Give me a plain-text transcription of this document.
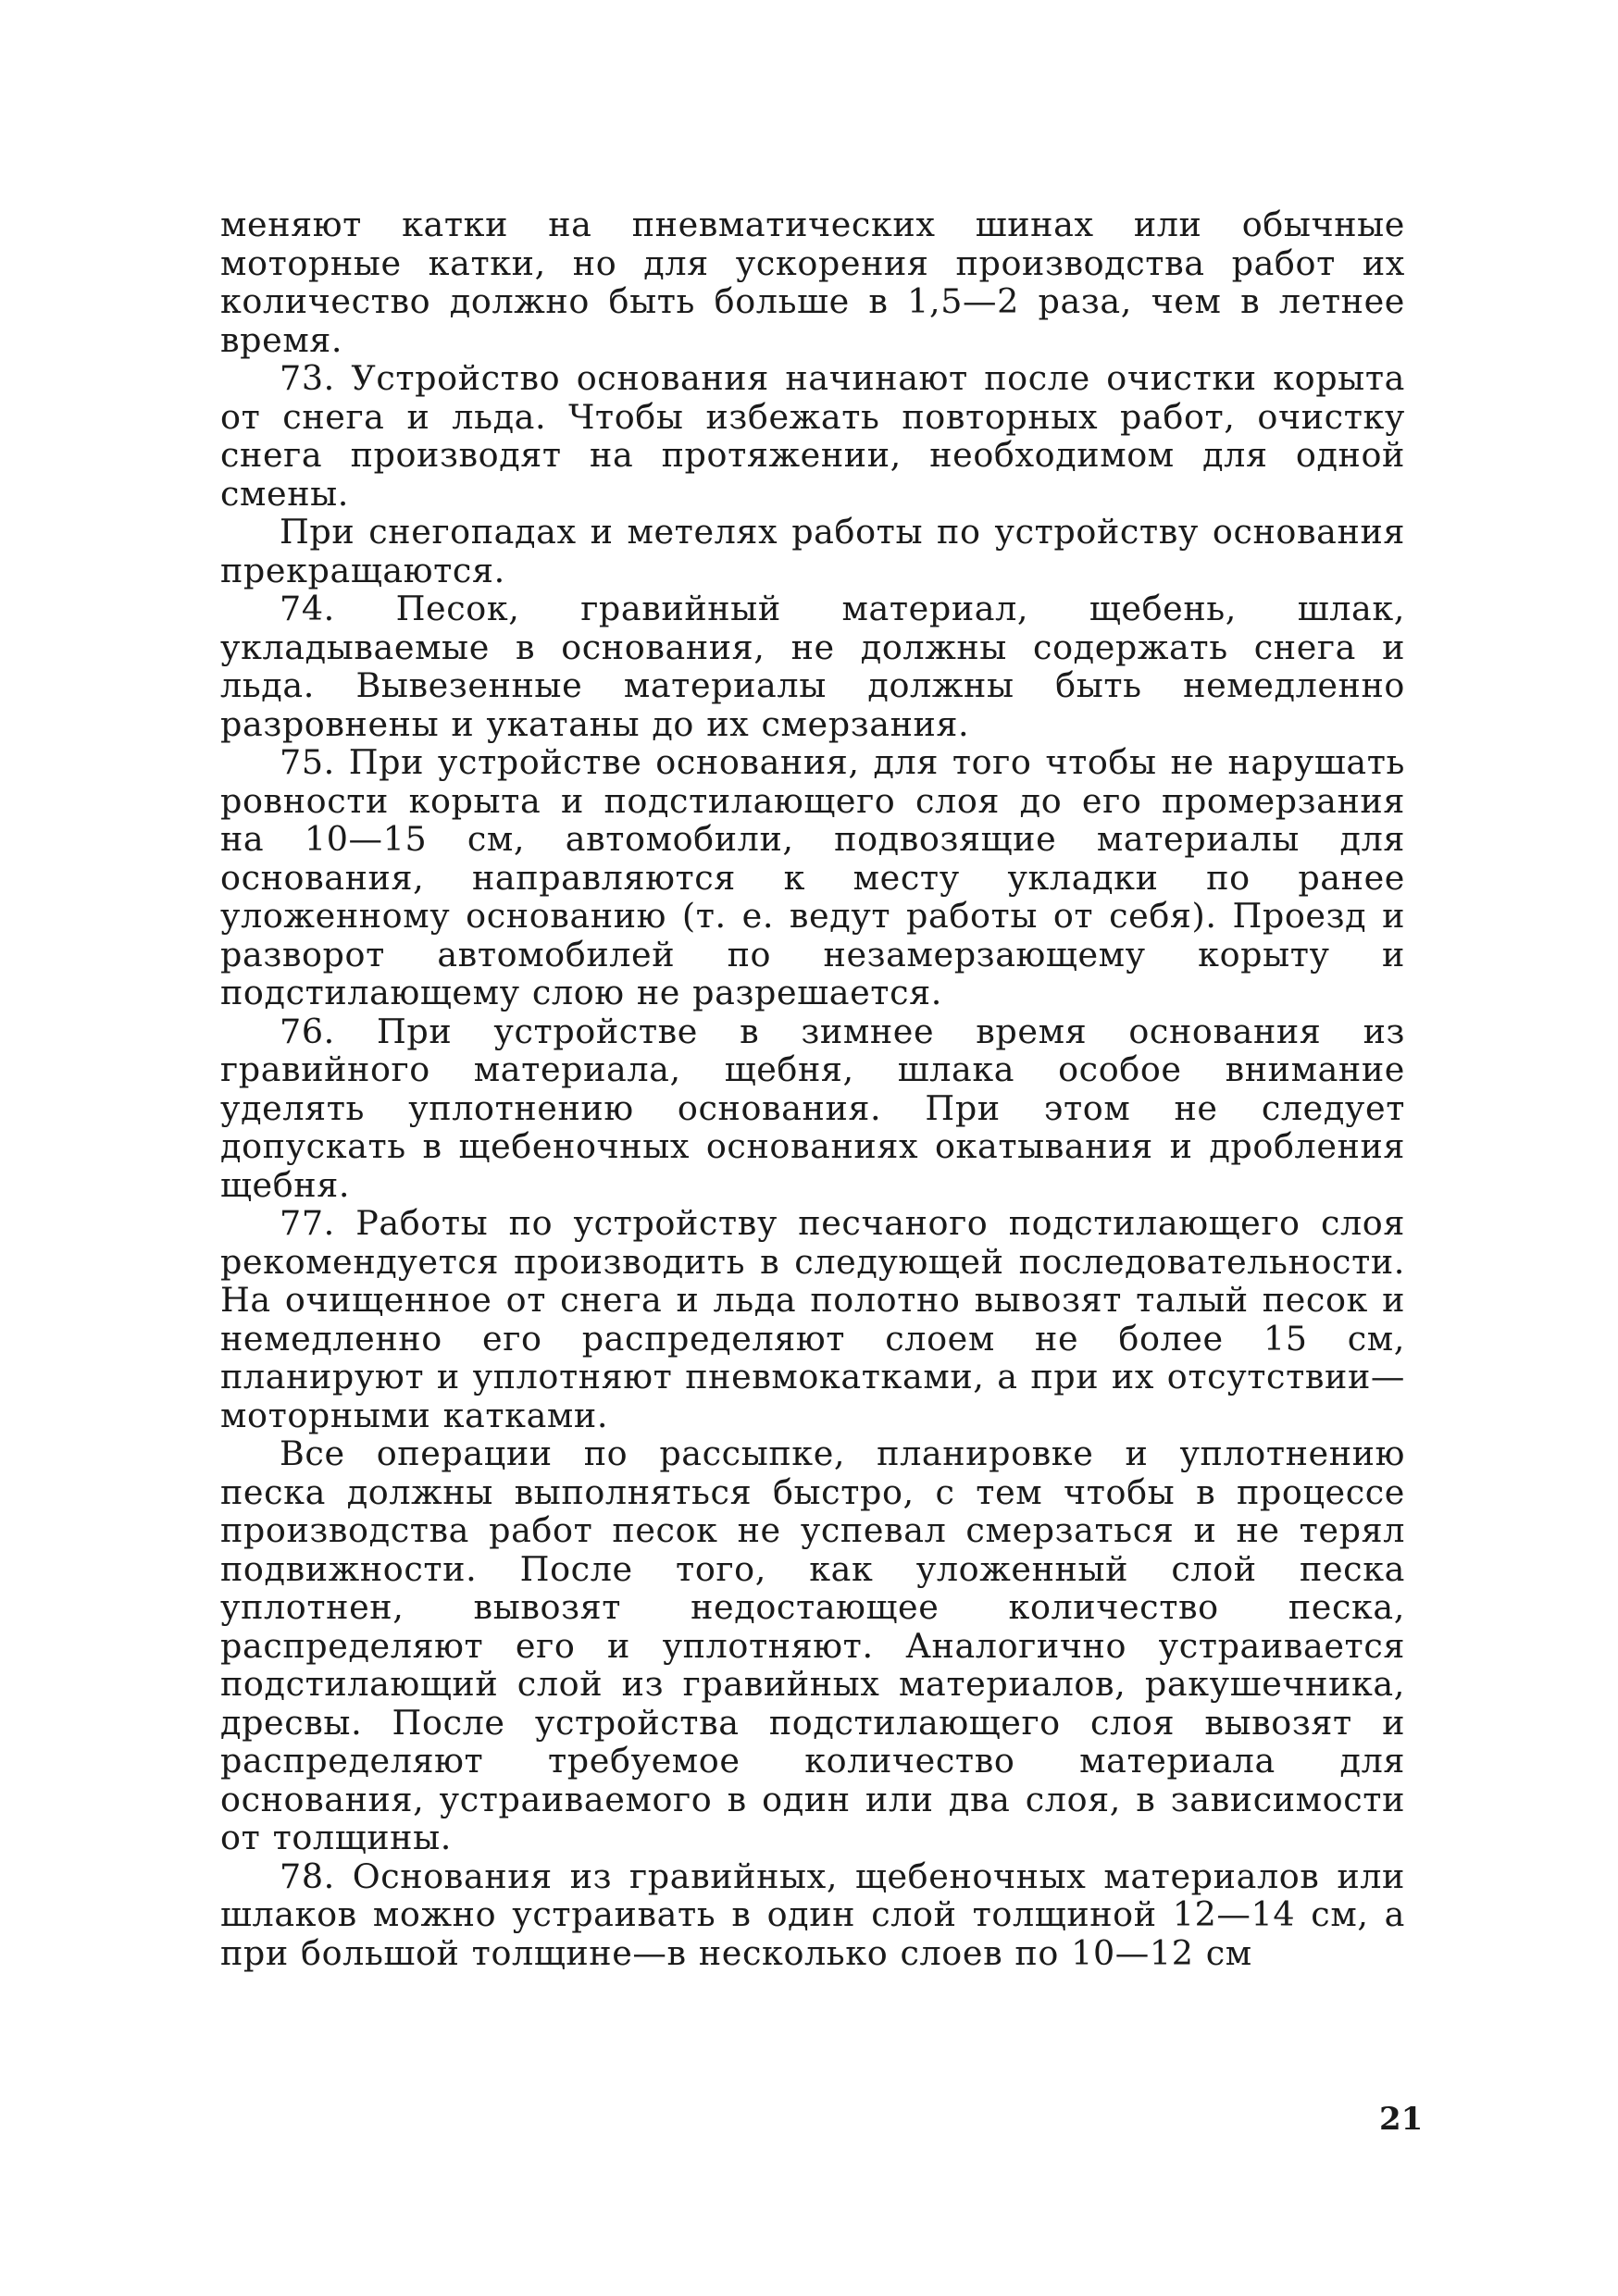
меняют катки на пневматических шинах или обычные моторные катки, но для ускорения производства работ их количество должно быть больше в 1,5—2 раза, чем в летнее время.

73. Устройство основания начинают после очистки корыта от снега и льда. Чтобы избежать повторных работ, очистку снега производят на протяжении, необходимом для одной смены.

При снегопадах и метелях работы по устройству основания прекращаются.

74. Песок, гравийный материал, щебень, шлак, укладываемые в основания, не должны содержать снега и льда. Вывезенные материалы должны быть немедленно разровнены и укатаны до их смерзания.

75. При устройстве основания, для того чтобы не нарушать ровности корыта и подстилающего слоя до его промерзания на 10—15 см, автомобили, подвозящие материалы для основания, направляются к месту укладки по ранее уложенному основанию (т. е. ведут работы от себя). Проезд и разворот автомобилей по незамерзающему корыту и подстилающему слою не разрешается.

76. При устройстве в зимнее время основания из гравийного материала, щебня, шлака особое внимание уделять уплотнению основания. При этом не следует допускать в щебеночных основаниях окатывания и дробления щебня.

77. Работы по устройству песчаного подстилающего слоя рекомендуется производить в следующей последовательности. На очищенное от снега и льда полотно вывозят талый песок и немедленно его распределяют слоем не более 15 см, планируют и уплотняют пневмокатками, а при их отсутствии—моторными катками.

Все операции по рассыпке, планировке и уплотнению песка должны выполняться быстро, с тем чтобы в процессе производства работ песок не успевал смерзаться и не терял подвижности. После того, как уложенный слой песка уплотнен, вывозят недостающее количество песка, распределяют его и уплотняют. Аналогично устраивается подстилающий слой из гравийных материалов, ракушечника, дресвы. После устройства подстилающего слоя вывозят и распределяют требуемое количество материала для основания, устраиваемого в один или два слоя, в зависимости от толщины.

78. Основания из гравийных, щебеночных материалов или шлаков можно устраивать в один слой толщиной 12—14 см, а при большой толщине—в несколько слоев по 10—12 см

21
